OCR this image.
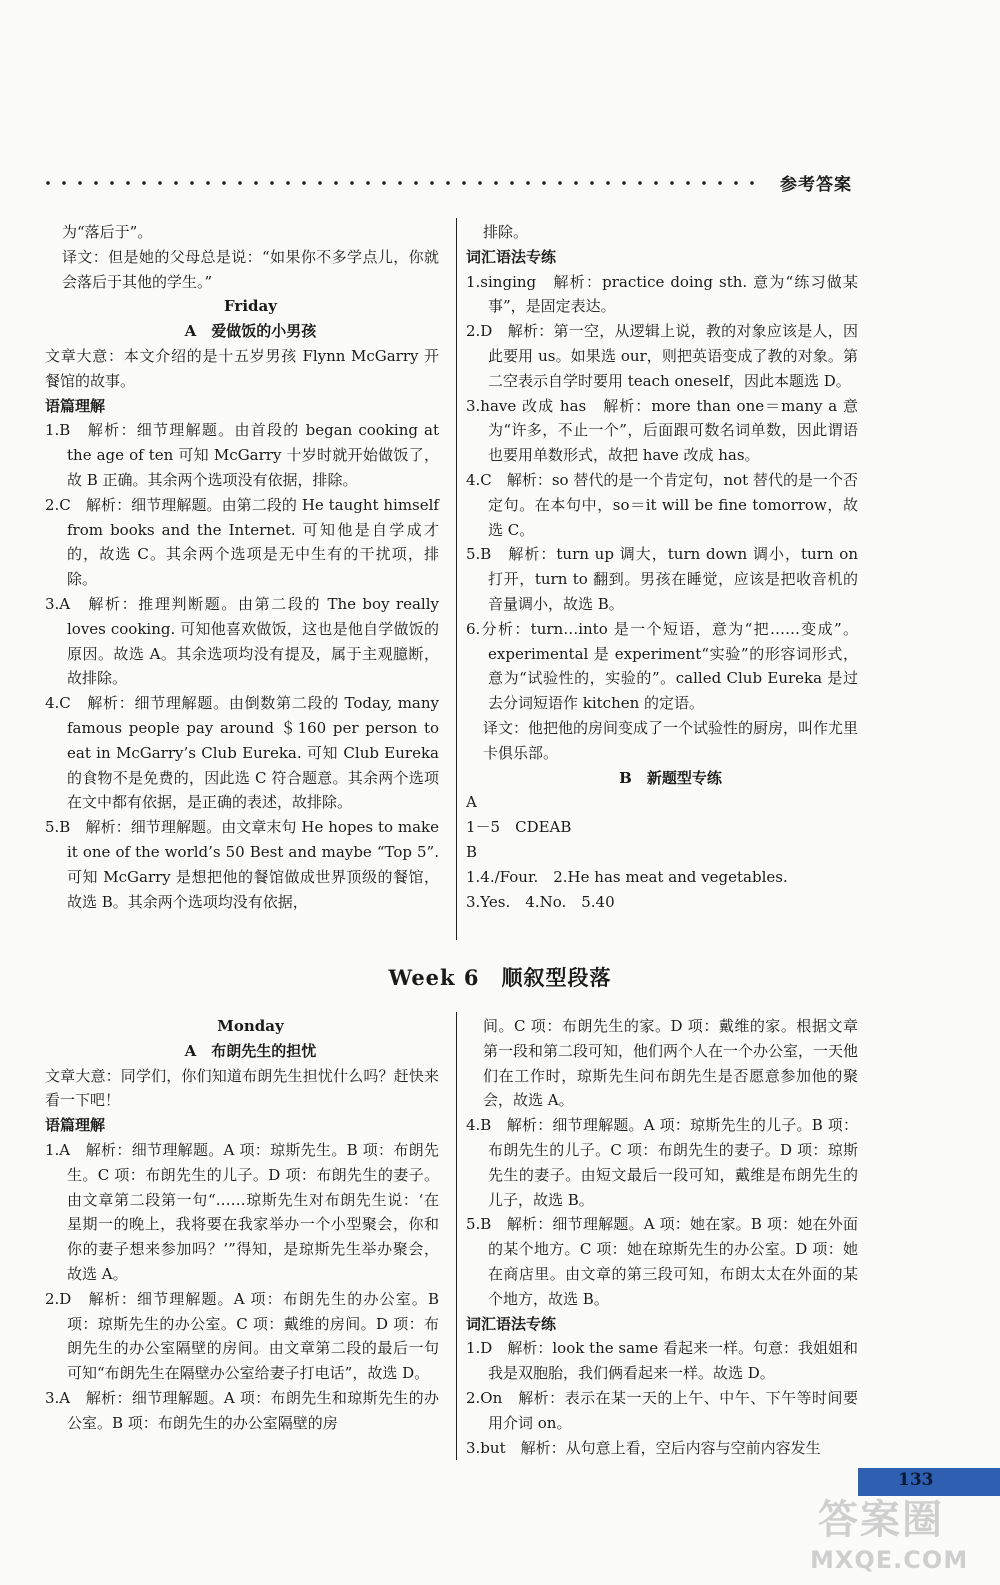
参考答案

为“落后于”。

译文：但是她的父母总是说：“如果你不多学点儿，你就会落后于其他的学生。”

Friday

A　爱做饭的小男孩

文章大意：本文介绍的是十五岁男孩 Flynn McGarry 开餐馆的故事。

语篇理解

1.B　解析：细节理解题。由首段的 began cooking at the age of ten 可知 McGarry 十岁时就开始做饭了，故 B 正确。其余两个选项没有依据，排除。

2.C　解析：细节理解题。由第二段的 He taught himself from books and the Internet. 可知他是自学成才的，故选 C。其余两个选项是无中生有的干扰项，排除。

3.A　解析：推理判断题。由第二段的 The boy really loves cooking. 可知他喜欢做饭，这也是他自学做饭的原因。故选 A。其余选项均没有提及，属于主观臆断，故排除。

4.C　解析：细节理解题。由倒数第二段的 Today, many famous people pay around ＄160 per person to eat in McGarry’s Club Eureka. 可知 Club Eureka的食物不是免费的，因此选 C 符合题意。其余两个选项在文中都有依据，是正确的表述，故排除。

5.B　解析：细节理解题。由文章末句 He hopes to make it one of the world’s 50 Best and maybe “Top 5”. 可知 McGarry 是想把他的餐馆做成世界顶级的餐馆，故选 B。其余两个选项均没有依据，

排除。

词汇语法专练

1.singing　解析：practice doing sth. 意为“练习做某事”，是固定表达。

2.D　解析：第一空，从逻辑上说，教的对象应该是人，因此要用 us。如果选 our，则把英语变成了教的对象。第二空表示自学时要用 teach oneself，因此本题选 D。

3.have 改成 has　解析：more than one＝many a 意为“许多，不止一个”，后面跟可数名词单数，因此谓语也要用单数形式，故把 have 改成 has。

4.C　解析：so 替代的是一个肯定句，not 替代的是一个否定句。在本句中，so＝it will be fine tomorrow，故选 C。

5.B　解析：turn up 调大，turn down 调小，turn on 打开，turn to 翻到。男孩在睡觉，应该是把收音机的音量调小，故选 B。

6.分析：turn…into 是一个短语，意为“把……变成”。experimental 是 experiment“实验”的形容词形式，意为“试验性的，实验的”。called Club Eureka 是过去分词短语作 kitchen 的定语。

译文：他把他的房间变成了一个试验性的厨房，叫作尤里卡俱乐部。

B　新题型专练

A

1－5　CDEAB

B

1.4./Four.　2.He has meat and vegetables.

3.Yes.　4.No.　5.40

Week 6　顺叙型段落

Monday

A　布朗先生的担忧

文章大意：同学们，你们知道布朗先生担忧什么吗？赶快来看一下吧！

语篇理解

1.A　解析：细节理解题。A 项：琼斯先生。B 项：布朗先生。C 项：布朗先生的儿子。D 项：布朗先生的妻子。由文章第二段第一句“……琼斯先生对布朗先生说：‘在星期一的晚上，我将要在我家举办一个小型聚会，你和你的妻子想来参加吗？’”得知，是琼斯先生举办聚会，故选 A。

2.D　解析：细节理解题。A 项：布朗先生的办公室。B 项：琼斯先生的办公室。C 项：戴维的房间。D 项：布朗先生的办公室隔壁的房间。由文章第二段的最后一句可知“布朗先生在隔壁办公室给妻子打电话”，故选 D。

3.A　解析：细节理解题。A 项：布朗先生和琼斯先生的办公室。B 项：布朗先生的办公室隔壁的房

间。C 项：布朗先生的家。D 项：戴维的家。根据文章第一段和第二段可知，他们两个人在一个办公室，一天他们在工作时，琼斯先生问布朗先生是否愿意参加他的聚会，故选 A。

4.B　解析：细节理解题。A 项：琼斯先生的儿子。B 项：布朗先生的儿子。C 项：布朗先生的妻子。D 项：琼斯先生的妻子。由短文最后一段可知，戴维是布朗先生的儿子，故选 B。

5.B　解析：细节理解题。A 项：她在家。B 项：她在外面的某个地方。C 项：她在琼斯先生的办公室。D 项：她在商店里。由文章的第三段可知，布朗太太在外面的某个地方，故选 B。

词汇语法专练

1.D　解析：look the same 看起来一样。句意：我姐姐和我是双胞胎，我们俩看起来一样。故选 D。

2.On　解析：表示在某一天的上午、中午、下午等时间要用介词 on。

3.but　解析：从句意上看，空后内容与空前内容发生

133
答案圈
MXQE.COM
